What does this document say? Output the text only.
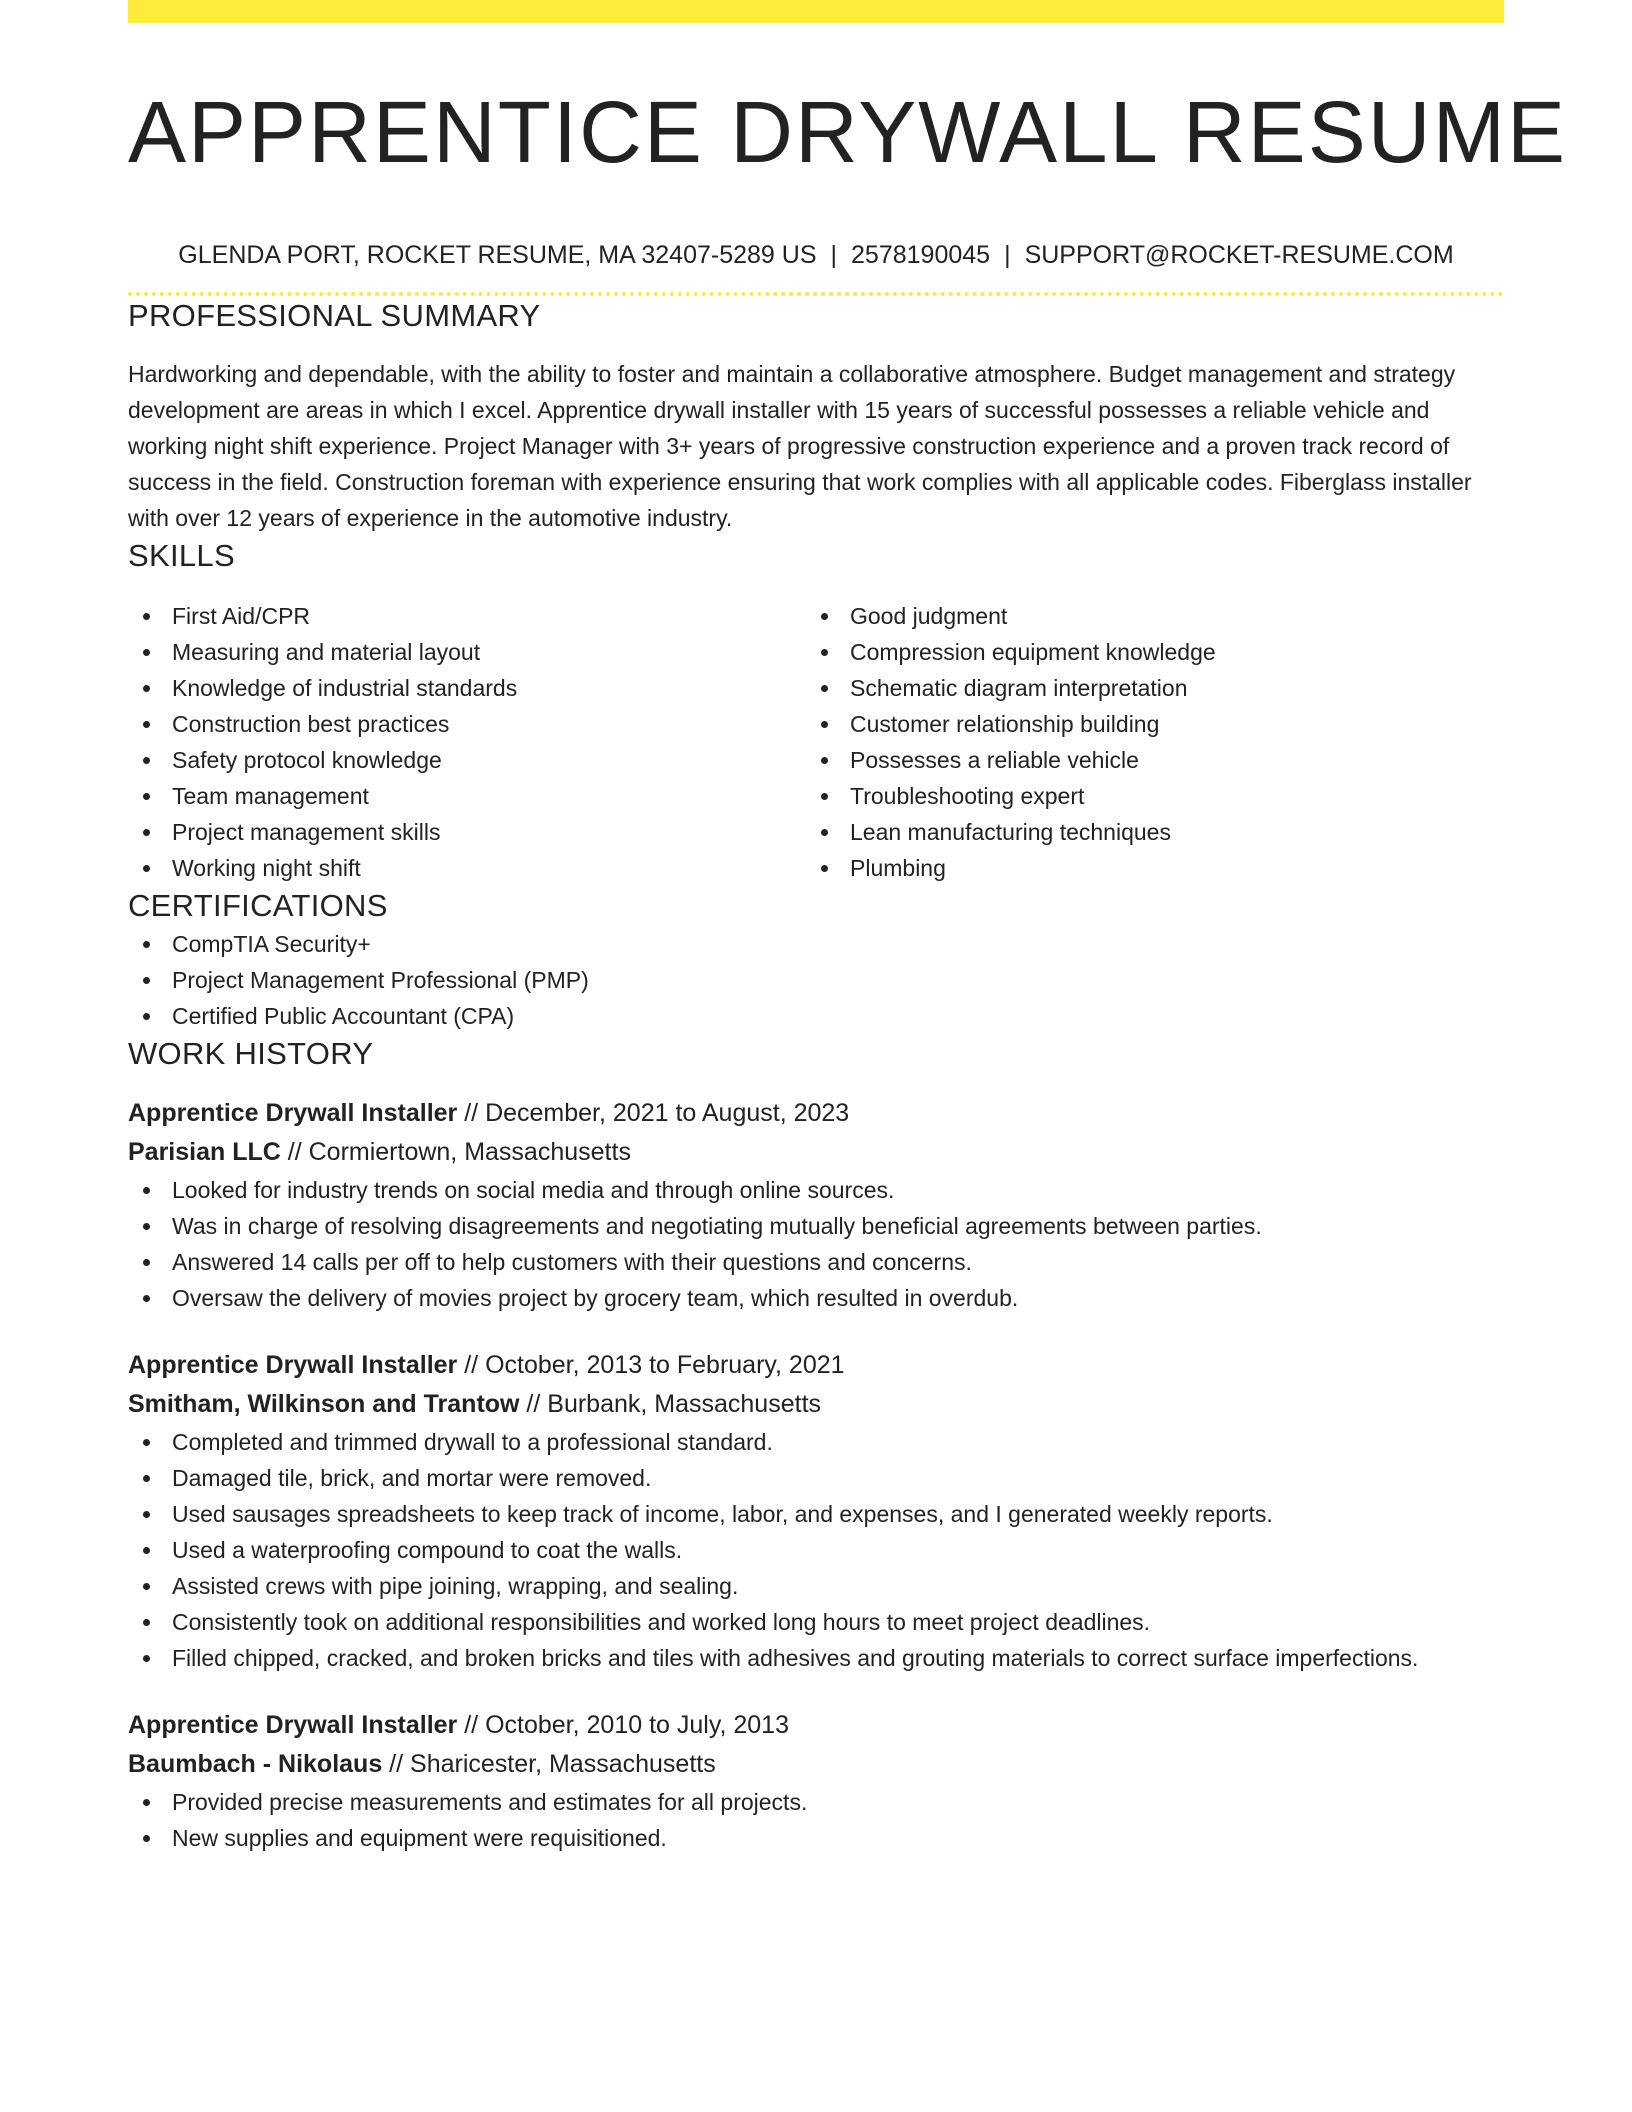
APPRENTICE DRYWALL RESUME
GLENDA PORT, ROCKET RESUME, MA 32407-5289 US | 2578190045 | SUPPORT@ROCKET-RESUME.COM
PROFESSIONAL SUMMARY
Hardworking and dependable, with the ability to foster and maintain a collaborative atmosphere. Budget management and strategy development are areas in which I excel. Apprentice drywall installer with 15 years of successful possesses a reliable vehicle and working night shift experience. Project Manager with 3+ years of progressive construction experience and a proven track record of success in the field. Construction foreman with experience ensuring that work complies with all applicable codes. Fiberglass installer with over 12 years of experience in the automotive industry.
SKILLS
First Aid/CPR
Measuring and material layout
Knowledge of industrial standards
Construction best practices
Safety protocol knowledge
Team management
Project management skills
Working night shift
Good judgment
Compression equipment knowledge
Schematic diagram interpretation
Customer relationship building
Possesses a reliable vehicle
Troubleshooting expert
Lean manufacturing techniques
Plumbing
CERTIFICATIONS
CompTIA Security+
Project Management Professional (PMP)
Certified Public Accountant (CPA)
WORK HISTORY
Apprentice Drywall Installer // December, 2021 to August, 2023
Parisian LLC // Cormiertown, Massachusetts
Looked for industry trends on social media and through online sources.
Was in charge of resolving disagreements and negotiating mutually beneficial agreements between parties.
Answered 14 calls per off to help customers with their questions and concerns.
Oversaw the delivery of movies project by grocery team, which resulted in overdub.
Apprentice Drywall Installer // October, 2013 to February, 2021
Smitham, Wilkinson and Trantow // Burbank, Massachusetts
Completed and trimmed drywall to a professional standard.
Damaged tile, brick, and mortar were removed.
Used sausages spreadsheets to keep track of income, labor, and expenses, and I generated weekly reports.
Used a waterproofing compound to coat the walls.
Assisted crews with pipe joining, wrapping, and sealing.
Consistently took on additional responsibilities and worked long hours to meet project deadlines.
Filled chipped, cracked, and broken bricks and tiles with adhesives and grouting materials to correct surface imperfections.
Apprentice Drywall Installer // October, 2010 to July, 2013
Baumbach - Nikolaus // Sharicester, Massachusetts
Provided precise measurements and estimates for all projects.
New supplies and equipment were requisitioned.
